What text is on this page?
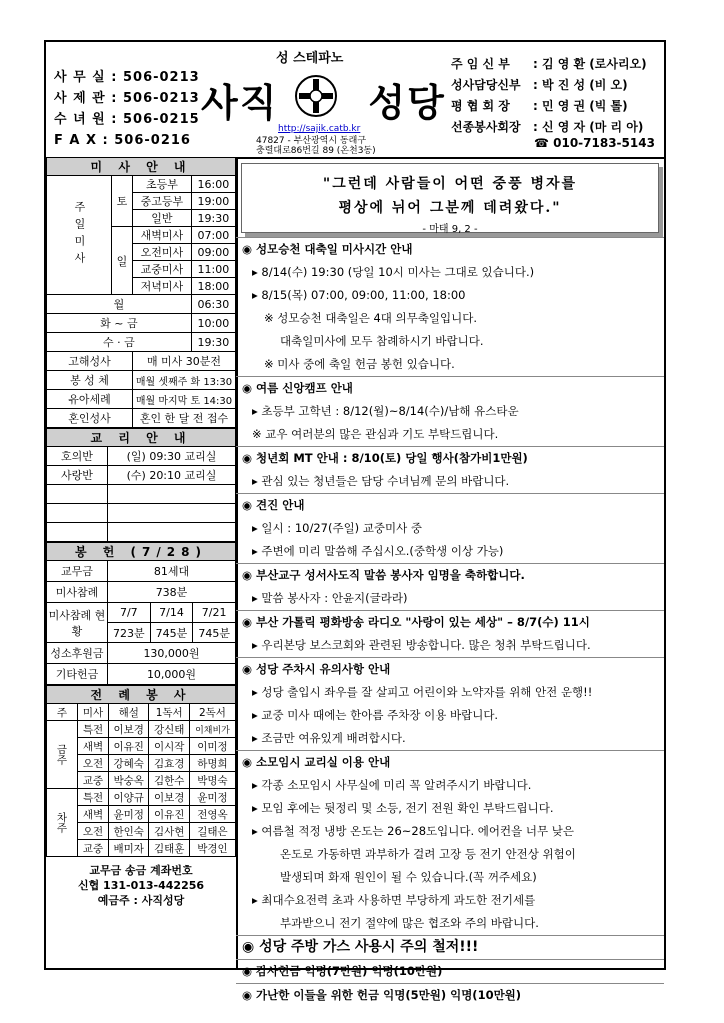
사 무 실 : 506-0213
사 제 관 : 506-0213
수 녀 원 : 506-0215
F A X : 506-0216
성 스테파노
사직 성당
http://sajik.catb.kr
47827 - 부산광역시 동래구
충렬대로86번길 89 (온천3동)
주 임 신 부 : 김 영 환 (로사리오)
성사담당신부 : 박 진 성 (비 오)
평 협 회 장 : 민 영 권 (빅 톨)
선종봉사회장 : 신 영 자 (마 리 아)
☎ 010-7183-5143
미 사 안 내			
주일미사	토	초등부	16:00
		중고등부	19:00
		일반	19:30
	일	새벽미사	07:00
		오전미사	09:00
		교중미사	11:00
		저녁미사	18:00
월			06:30
화 ~ 금			10:00
수 · 금			19:30
고해성사		매 미사 30분전	
봉 성 체		매월 셋째주 화 13:30	
유아세례		매월 마지막 토 14:30	
혼인성사		혼인 한 달 전 접수	
교 리 안 내	
호의반	(일) 09:30 교리실
사랑반	(수) 20:10 교리실

봉 헌 (7/28)			
교무금	81세대		
미사참례	738분		
미사참례 현황	7/7	7/14	7/21
	723분	745분	745분
성소후원금	130,000원		
기타헌금	10,000원		
전 례 봉 사				
주	미사	해설	1독서	2독서
금주	특전	이보경	강신태	이채비가
	새벽	이유진	이시작	이미정
	오전	강혜숙	김효경	하명희
	교중	박숭옥	김한수	박명숙
차주	특전	이양규	이보경	윤미정
	새벽	윤미정	이유진	전영옥
	오전	한인숙	김사현	길태은
	교중	배미자	김태훈	박경인
교무금 송금 계좌번호
신협 131-013-442256
예금주 : 사직성당
"그런데 사람들이 어떤 중풍 병자를
평상에 뉘어 그분께 데려왔다."
- 마태 9, 2 -
◉ 성모승천 대축일 미사시간 안내
▸ 8/14(수) 19:30 (당일 10시 미사는 그대로 있습니다.)
▸ 8/15(목) 07:00, 09:00, 11:00, 18:00
※ 성모승천 대축일은 4대 의무축일입니다.
대축일미사에 모두 참례하시기 바랍니다.
※ 미사 중에 축일 헌금 봉헌 있습니다.
◉ 여름 신앙캠프 안내
▸ 초등부 고학년 : 8/12(월)~8/14(수)/남해 유스타운
※ 교우 여러분의 많은 관심과 기도 부탁드립니다.
◉ 청년회 MT 안내 : 8/10(토) 당일 행사(참가비1만원)
▸ 관심 있는 청년들은 담당 수녀님께 문의 바랍니다.
◉ 견진 안내
▸ 일시 : 10/27(주일) 교중미사 중
▸ 주변에 미리 말씀해 주십시오.(중학생 이상 가능)
◉ 부산교구 성서사도직 말씀 봉사자 임명을 축하합니다.
▸ 말씀 봉사자 : 안윤지(글라라)
◉ 부산 가톨릭 평화방송 라디오 "사랑이 있는 세상" – 8/7(수) 11시
▸ 우리본당 보스코회와 관련된 방송합니다. 많은 청취 부탁드립니다.
◉ 성당 주차시 유의사항 안내
▸ 성당 출입시 좌우를 잘 살피고 어린이와 노약자를 위해 안전 운행!!
▸ 교중 미사 때에는 한아름 주차장 이용 바랍니다.
▸ 조금만 여유있게 배려합시다.
◉ 소모임시 교리실 이용 안내
▸ 각종 소모임시 사무실에 미리 꼭 알려주시기 바랍니다.
▸ 모임 후에는 뒷정리 및 소등, 전기 전원 확인 부탁드립니다.
▸ 여름철 적정 냉방 온도는 26~28도입니다. 에어컨을 너무 낮은
온도로 가동하면 과부하가 걸려 고장 등 전기 안전상 위험이
발생되며 화재 원인이 될 수 있습니다.(꼭 꺼주세요)
▸ 최대수요전력 초과 사용하면 부당하게 과도한 전기세를
부과받으니 전기 절약에 많은 협조와 주의 바랍니다.
◉ 성당 주방 가스 사용시 주의 철저!!!
◉ 감사헌금 익명(7만원) 익명(10만원)
◉ 가난한 이들을 위한 헌금 익명(5만원) 익명(10만원)
